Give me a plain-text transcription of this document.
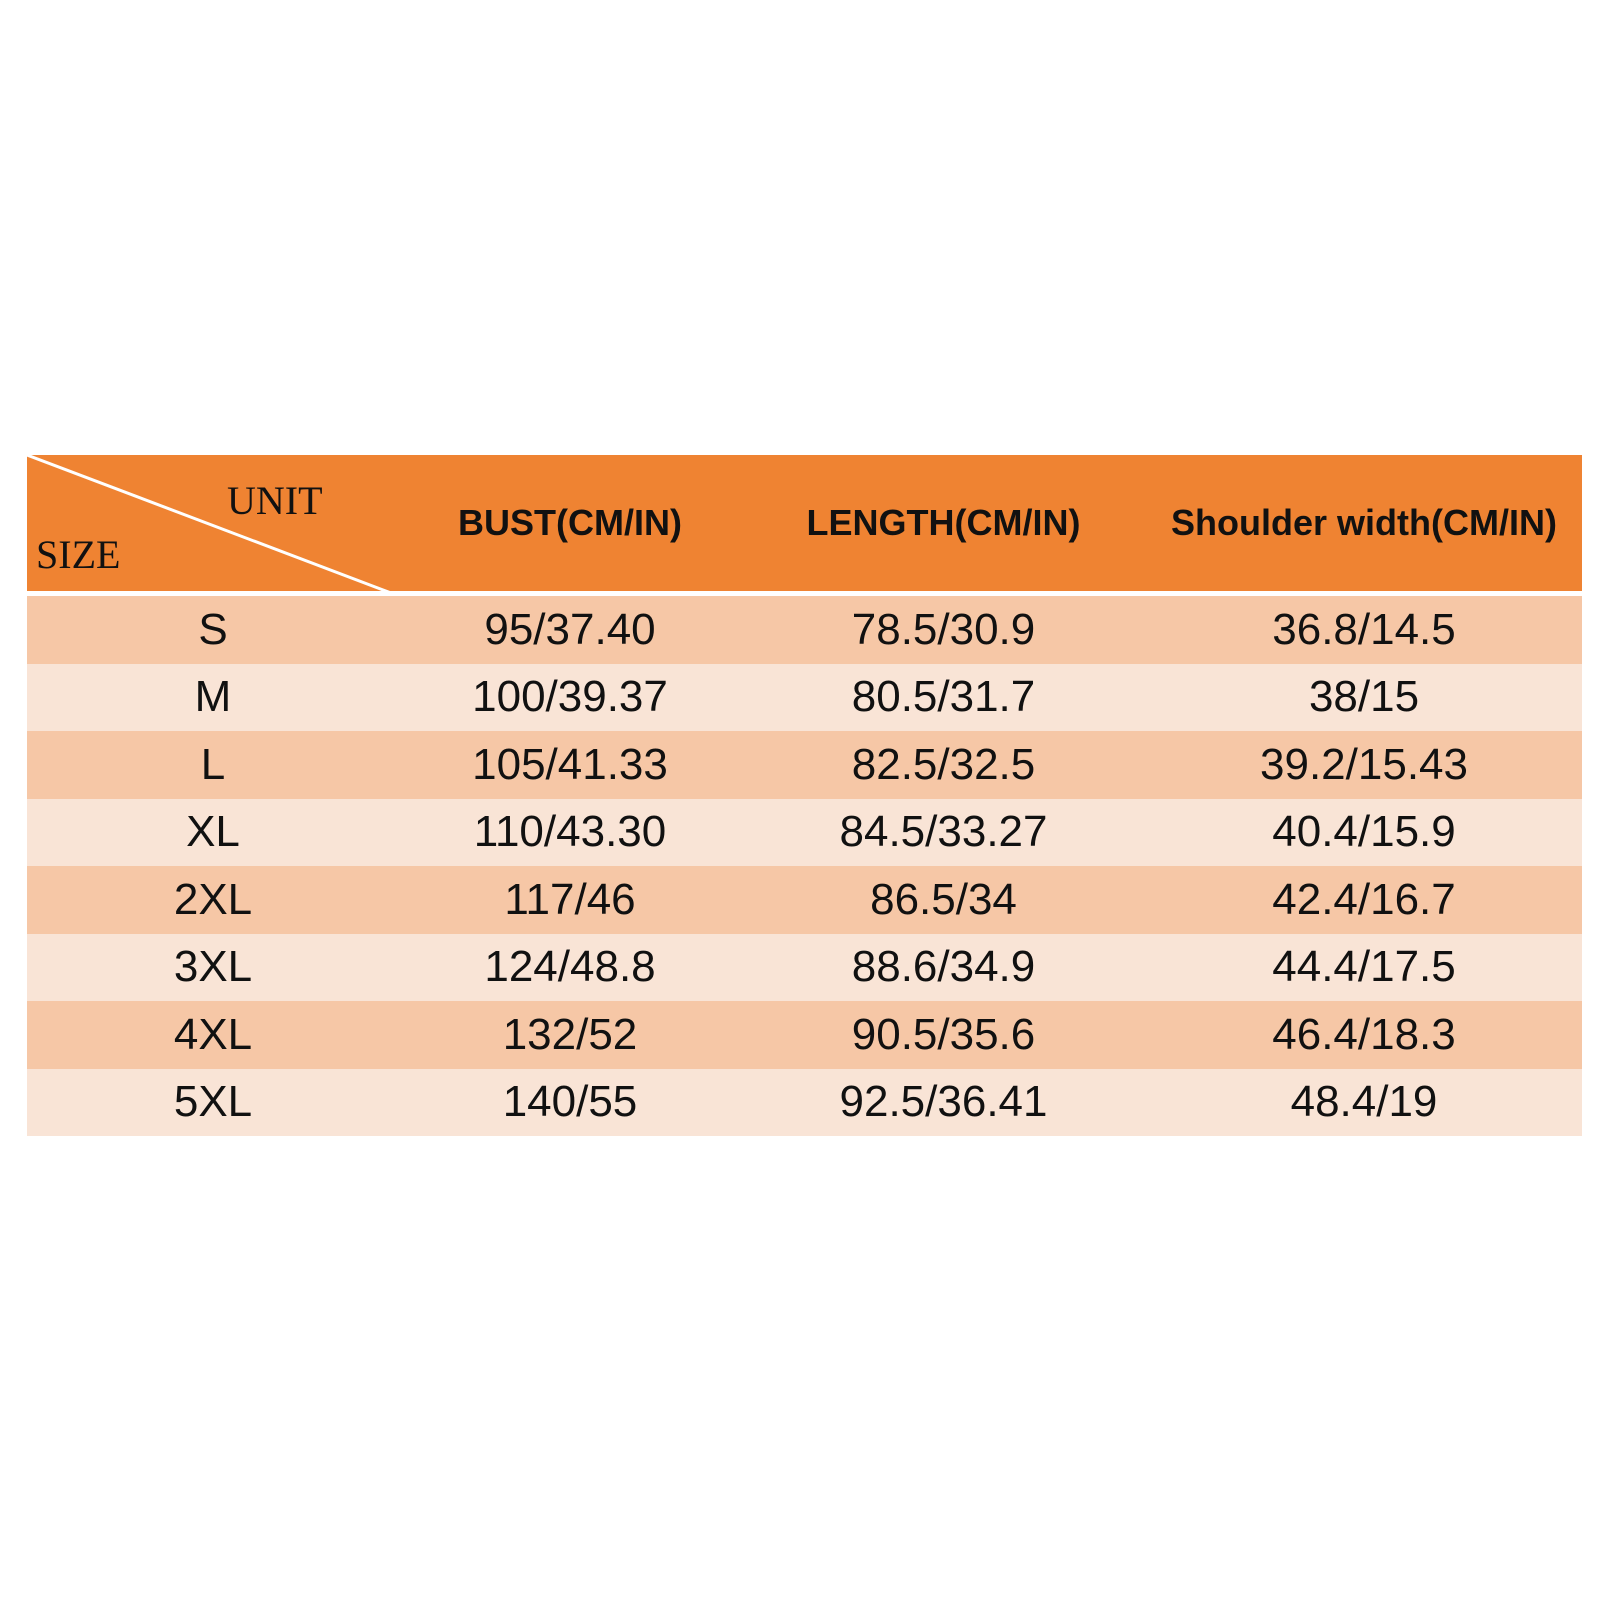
UNIT
SIZE	BUST(CM/IN)	LENGTH(CM/IN)	Shoulder width(CM/IN)
S	95/37.40	78.5/30.9	36.8/14.5
M	100/39.37	80.5/31.7	38/15
L	105/41.33	82.5/32.5	39.2/15.43
XL	110/43.30	84.5/33.27	40.4/15.9
2XL	117/46	86.5/34	42.4/16.7
3XL	124/48.8	88.6/34.9	44.4/17.5
4XL	132/52	90.5/35.6	46.4/18.3
5XL	140/55	92.5/36.41	48.4/19
